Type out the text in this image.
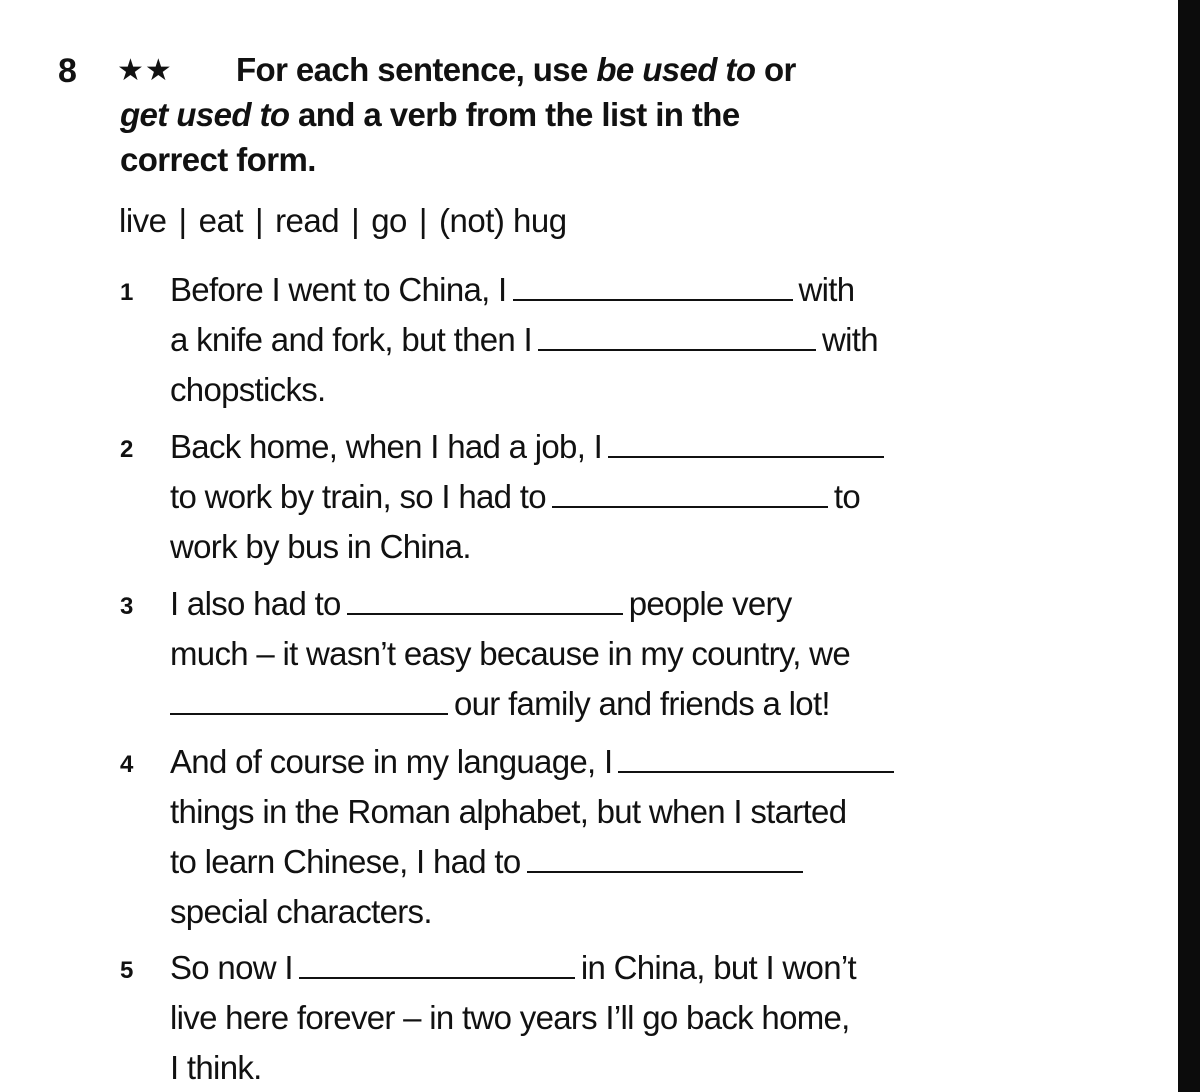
8 ★★	For each sentence, use be used to or
get used to and a verb from the list in the correct form.
live | eat | read | go | (not) hug
1 Before I went to China, I	with
a knife and fork, but then I	with
chopsticks.
2 Back home, when I had a job, I
to work by train, so I had to	to
work by bus in China.
3 I also had to	people very
much – it wasn’t easy because in my country, we
our family and friends a lot!
4 And of course in my language, I
things in the Roman alphabet, but when I started
to learn Chinese, I had to
special characters.
5 So now I	in China, but I won’t
live here forever – in two years I’ll go back home,
I think.
